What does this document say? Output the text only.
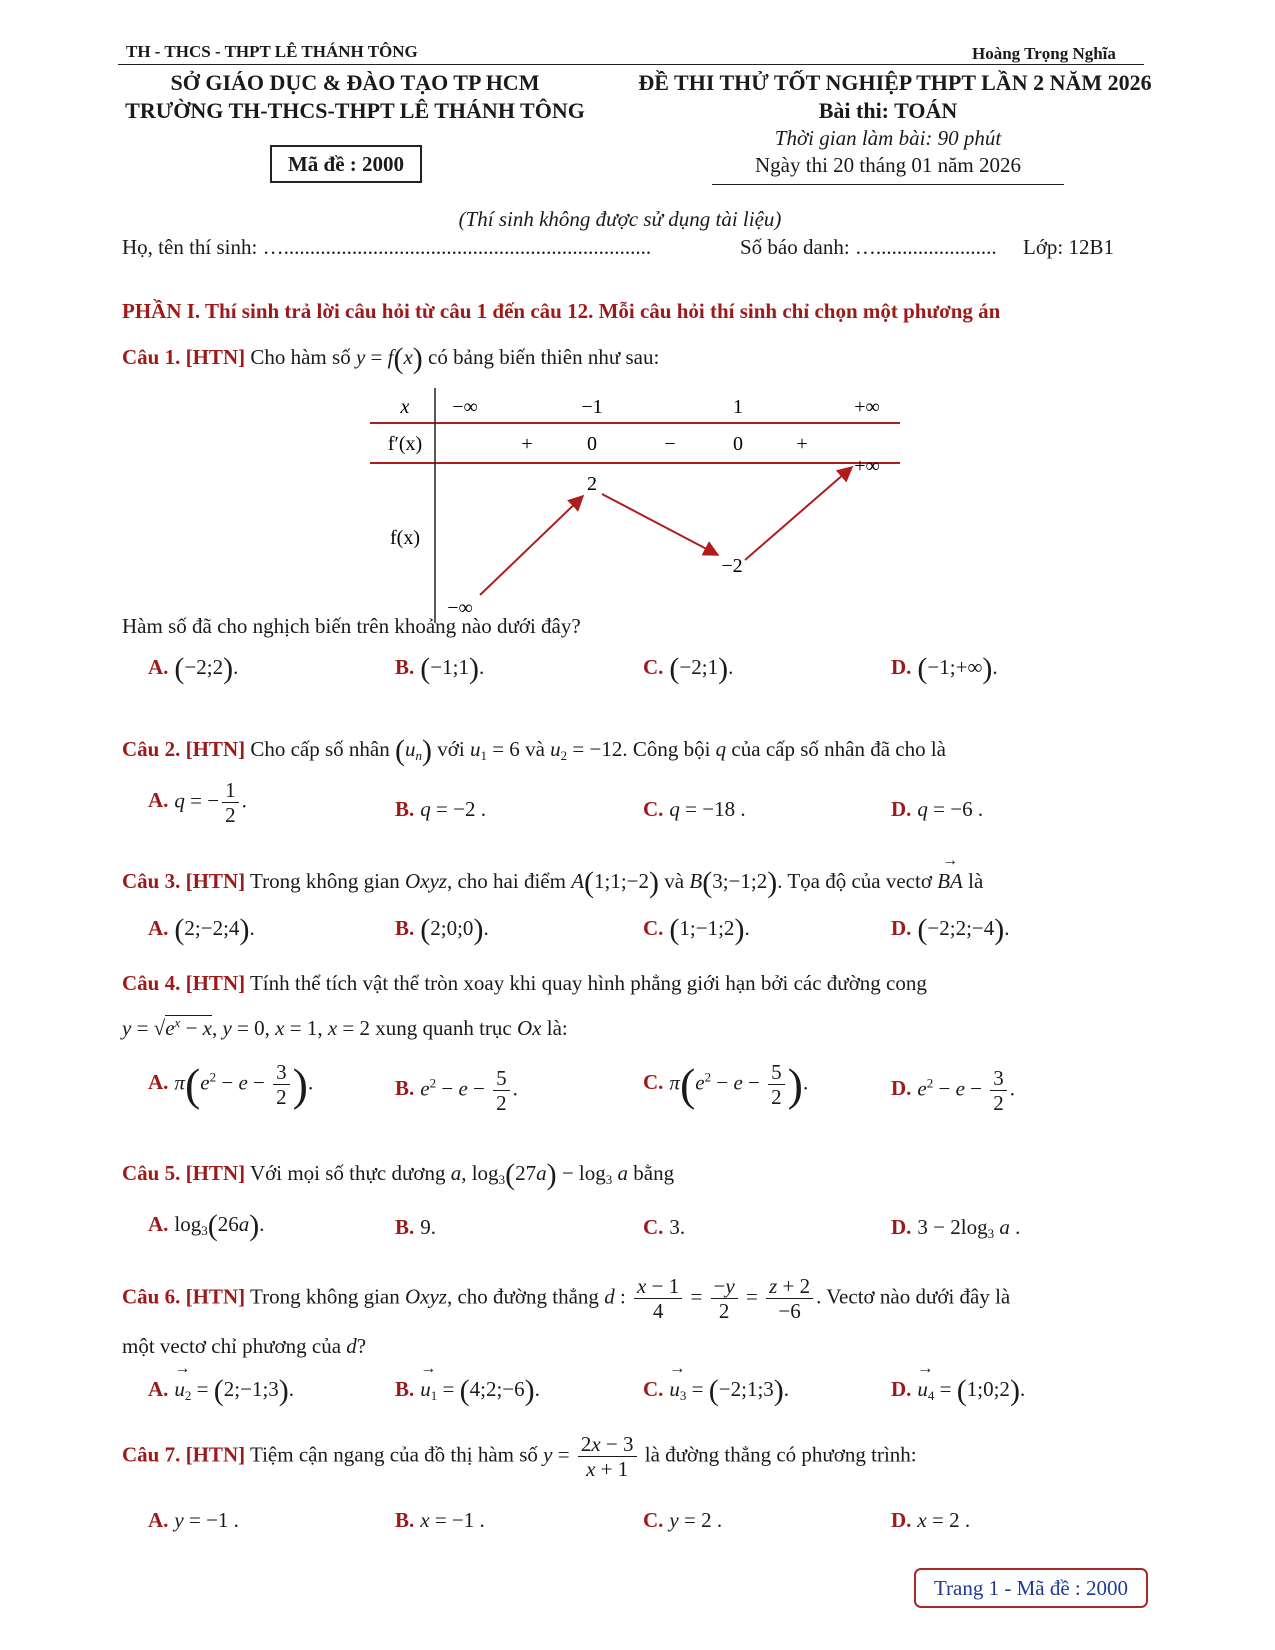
TH - THCS - THPT LÊ THÁNH TÔNG	Hoàng Trọng Nghĩa
SỞ GIÁO DỤC & ĐÀO TẠO TP HCM
TRƯỜNG TH-THCS-THPT LÊ THÁNH TÔNG
Mã đề : 2000
ĐỀ THI THỬ TỐT NGHIỆP THPT LẦN 2 NĂM 2026
Bài thi: TOÁN
Thời gian làm bài: 90 phút
Ngày thi 20 tháng 01 năm 2026
(Thí sinh không được sử dụng tài liệu)
Họ, tên thí sinh: …......................................................................	Số báo danh: …....................... Lớp: 12B1
PHẦN I. Thí sinh trả lời câu hỏi từ câu 1 đến câu 12. Mỗi câu hỏi thí sinh chỉ chọn một phương án
Câu 1. [HTN] Cho hàm số y = f(x) có bảng biến thiên như sau:
x
f′(x)
f(x)
−∞	−1	1	+∞
+	0	−	0	+
−∞
2
−2
+∞
Hàm số đã cho nghịch biến trên khoảng nào dưới đây?
A. (−2;2).	B. (−1;1).	C. (−2;1).	D. (−1;+∞).
Câu 2. [HTN] Cho cấp số nhân $(u_n)$ với $u_1 = 6$ và $u_2 = -12$. Công bội q của cấp số nhân đã cho là
A. q = − $\frac{1}{2}$ .	B. q = −2 .	C. q = −18 .	D. q = −6 .
Câu 3. [HTN] Trong không gian Oxyz, cho hai điểm A(1;1;−2) và B(3;−1;2). Tọa độ của vectơ → BA là
A. (2;−2;4).	B. (2;0;0).	C. (1;−1;2).	D. (−2;2;−4).
Câu 4. [HTN] Tính thể tích vật thể tròn xoay khi quay hình phẳng giới hạn bởi các đường cong
$y = √e^x - x$, y = 0, x = 1, x = 2 xung quanh trục Ox là:
A. $\pi(e^2 - e - \frac{3}{2}$ ).	B. $e^2 - e - \frac{5}{2}$ .	C. $\pi(e^2 - e - \frac{5}{2}$ ).	D. $e^2 - e - \frac{3}{2}$ .
Câu 5. [HTN] Với mọi số thực dương a, $\log_3(27a) - \log_3 a$ bằng
A. $\log_3(26a)$.	B. 9.	C. 3.	D. $3 - 2\log_3$ a .
Câu 6. [HTN] Trong không gian Oxyz, cho đường thẳng d : $\frac{x - 1}{4} = \frac{-y}{2} = \frac{z + 2}{-6}$ . Vectơ nào dưới đây là
một vectơ chỉ phương của d?
$A.\to u_2$ = (2;−1;3).	$B.\to u_1$ = (4;2;−6).	$C.\to u_3$ = (−2;1;3).	$D.\to u_4$ = (1;0;2).
Câu 7. [HTN] Tiệm cận ngang của đồ thị hàm số $y = \frac{2x - 3}{x + 1}$ là đường thẳng có phương trình:
A. y = −1 .	B. x = −1 .	C. y = 2 .	D. x = 2 .
Trang 1 - Mã đề : 2000
